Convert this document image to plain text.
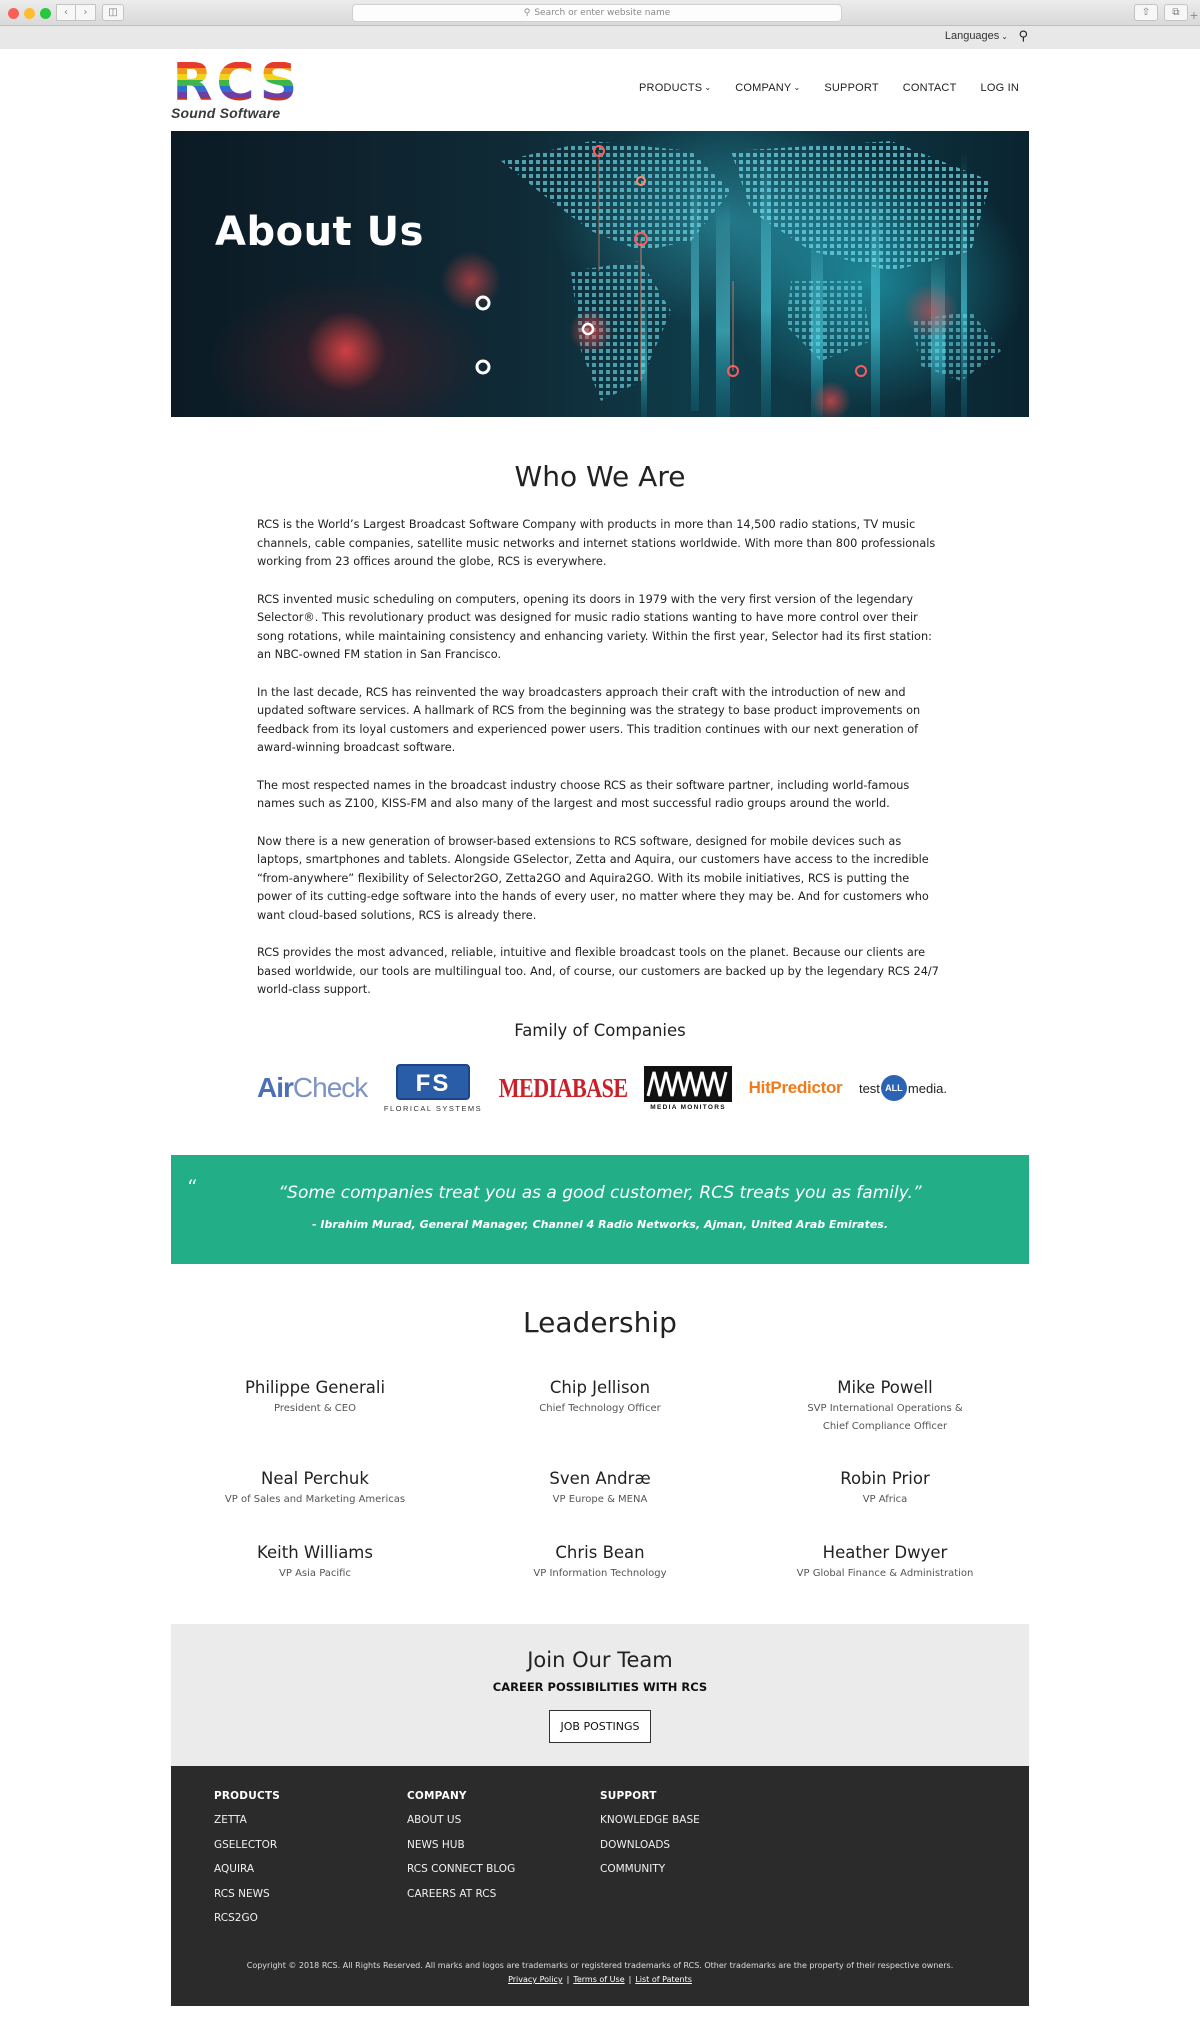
‹	›	◫	⚲ Search or enter website name	⇧	⧉ +
Languages ⌄ ⚲
R C S
Sound Software
PRODUCTS ⌄ COMPANY ⌄ SUPPORT CONTACT LOG IN
About Us
Who We Are

RCS is the World’s Largest Broadcast Software Company with products in more than 14,500 radio stations, TV music channels, cable companies, satellite music networks and internet stations worldwide. With more than 800 professionals working from 23 offices around the globe, RCS is everywhere.

RCS invented music scheduling on computers, opening its doors in 1979 with the very first version of the legendary Selector®. This revolutionary product was designed for music radio stations wanting to have more control over their song rotations, while maintaining consistency and enhancing variety. Within the first year, Selector had its first station: an NBC-owned FM station in San Francisco.

In the last decade, RCS has reinvented the way broadcasters approach their craft with the introduction of new and updated software services. A hallmark of RCS from the beginning was the strategy to base product improvements on feedback from its loyal customers and experienced power users. This tradition continues with our next generation of award-winning broadcast software.

The most respected names in the broadcast industry choose RCS as their software partner, including world-famous names such as Z100, KISS-FM and also many of the largest and most successful radio groups around the world.

Now there is a new generation of browser-based extensions to RCS software, designed for mobile devices such as laptops, smartphones and tablets. Alongside GSelector, Zetta and Aquira, our customers have access to the incredible “from-anywhere” flexibility of Selector2GO, Zetta2GO and Aquira2GO. With its mobile initiatives, RCS is putting the power of its cutting-edge software into the hands of every user, no matter where they may be. And for customers who want cloud-based solutions, RCS is already there.

RCS provides the most advanced, reliable, intuitive and flexible broadcast tools on the planet. Because our clients are based worldwide, our tools are multilingual too. And, of course, our customers are backed up by the legendary RCS 24/7 world-class support.

Family of Companies
Air Check	FS
FLORICAL SYSTEMS
MEDIABASE
MEDIA MONITORS
HitPredictor test ALL media.
“	“Some companies treat you as a good customer, RCS treats you as family.”
- Ibrahim Murad, General Manager, Channel 4 Radio Networks, Ajman, United Arab Emirates.
Leadership
Philippe Generali
President & CEO
Chip Jellison
Chief Technology Officer
Mike Powell
SVP International Operations &
Chief Compliance Officer
Neal Perchuk
VP of Sales and Marketing Americas
Sven Andræ
VP Europe & MENA
Robin Prior
VP Africa
Keith Williams
VP Asia Pacific
Chris Bean
VP Information Technology
Heather Dwyer
VP Global Finance & Administration
Join Our Team
CAREER POSSIBILITIES WITH RCS
JOB POSTINGS
PRODUCTS
ZETTA
GSELECTOR
AQUIRA
RCS NEWS
RCS2GO
COMPANY
ABOUT US
NEWS HUB
RCS CONNECT BLOG
CAREERS AT RCS
SUPPORT
KNOWLEDGE BASE
DOWNLOADS
COMMUNITY
Copyright © 2018 RCS. All Rights Reserved. All marks and logos are trademarks or registered trademarks of RCS. Other trademarks are the property of their respective owners.
Privacy Policy | Terms of Use | List of Patents
